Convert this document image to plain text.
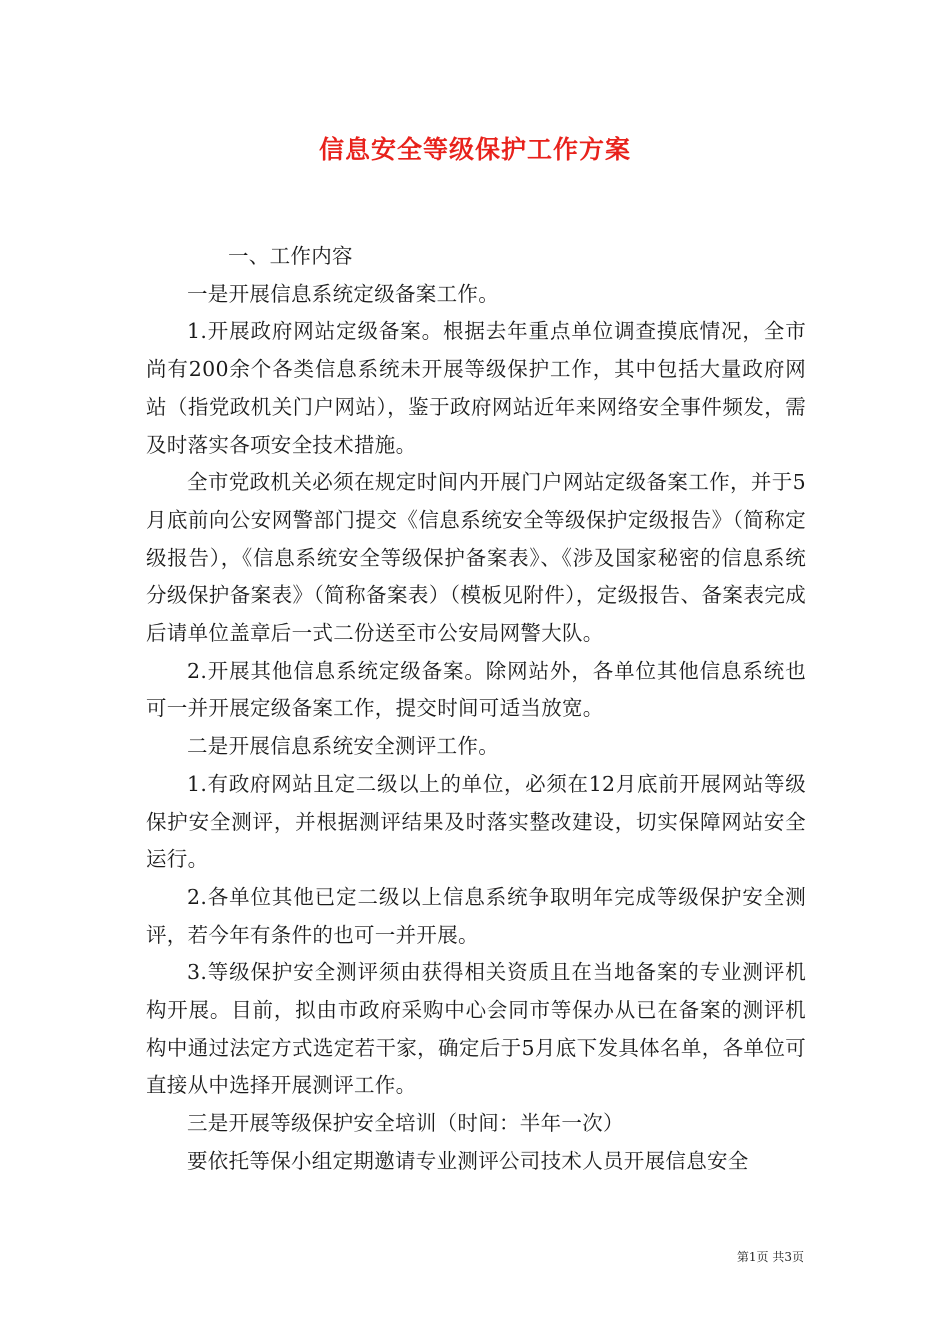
信息安全等级保护工作方案

一、工作内容

一是开展信息系统定级备案工作。

1.开展政府网站定级备案。根据去年重点单位调查摸底情况，全市尚有200余个各类信息系统未开展等级保护工作，其中包括大量政府网站（指党政机关门户网站），鉴于政府网站近年来网络安全事件频发，需及时落实各项安全技术措施。

全市党政机关必须在规定时间内开展门户网站定级备案工作，并于5月底前向公安网警部门提交《信息系统安全等级保护定级报告》（简称定级报告），《信息系统安全等级保护备案表》、《涉及国家秘密的信息系统分级保护备案表》（简称备案表）（模板见附件），定级报告、备案表完成后请单位盖章后一式二份送至市公安局网警大队。

2.开展其他信息系统定级备案。除网站外，各单位其他信息系统也可一并开展定级备案工作，提交时间可适当放宽。

二是开展信息系统安全测评工作。

1.有政府网站且定二级以上的单位，必须在12月底前开展网站等级保护安全测评，并根据测评结果及时落实整改建设，切实保障网站安全运行。

2.各单位其他已定二级以上信息系统争取明年完成等级保护安全测评，若今年有条件的也可一并开展。

3.等级保护安全测评须由获得相关资质且在当地备案的专业测评机构开展。目前，拟由市政府采购中心会同市等保办从已在备案的测评机构中通过法定方式选定若干家，确定后于5月底下发具体名单，各单位可直接从中选择开展测评工作。

三是开展等级保护安全培训（时间：半年一次）

要依托等保小组定期邀请专业测评公司技术人员开展信息安全

第1页 共3页
